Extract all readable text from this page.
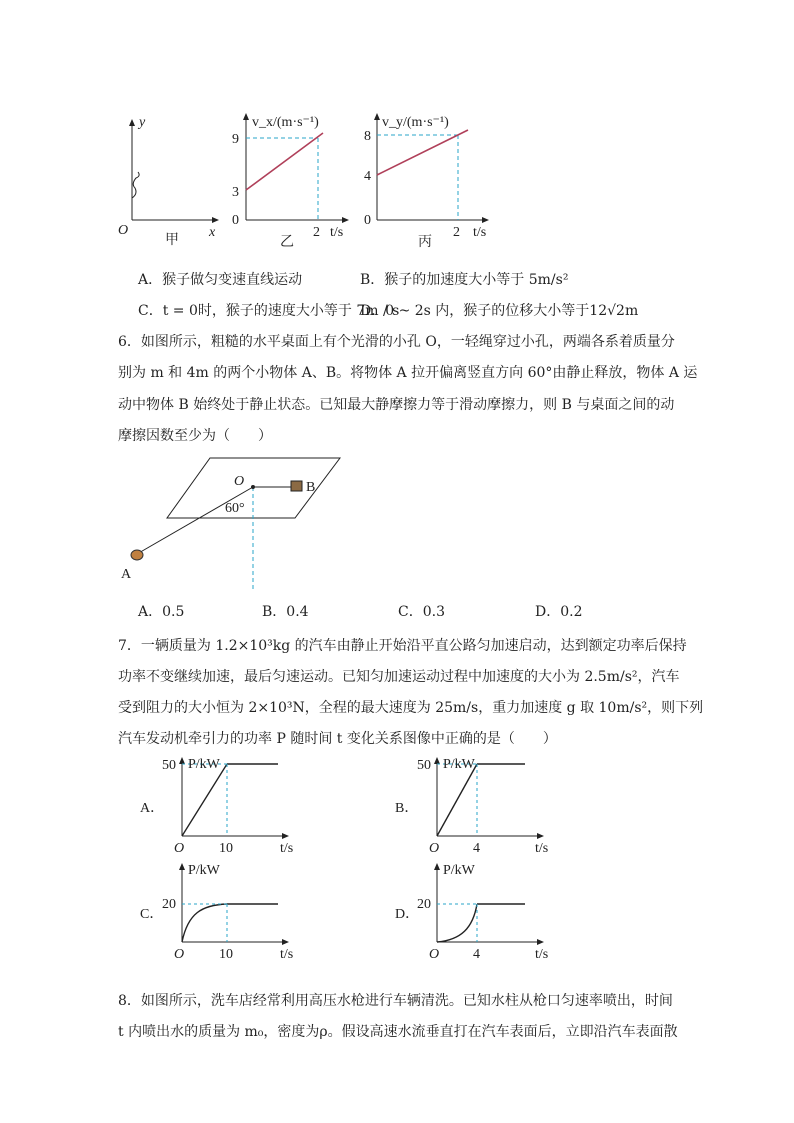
y
x
O
甲
v_x/(m·s⁻¹)
9
3
0
2 t/s
乙
v_y/(m·s⁻¹)
8
4
0
2 t/s
丙
A．猴子做匀变速直线运动	B．猴子的加速度大小等于 5m/s²
C．t = 0时，猴子的速度大小等于 7m / s
D．0 ~ 2s 内，猴子的位移大小等于12√2m
6．如图所示，粗糙的水平桌面上有个光滑的小孔 O，一轻绳穿过小孔，两端各系着质量分
别为 m 和 4m 的两个小物体 A、B。将物体 A 拉开偏离竖直方向 60°由静止释放，物体 A 运
动中物体 B 始终处于静止状态。已知最大静摩擦力等于滑动摩擦力，则 B 与桌面之间的动
摩擦因数至少为（　　）
O	B
A
60°
A．0.5	B．0.4	C．0.3	D．0.2
7．一辆质量为 1.2×10³kg 的汽车由静止开始沿平直公路匀加速启动，达到额定功率后保持
功率不变继续加速，最后匀速运动。已知匀加速运动过程中加速度的大小为 2.5m/s²，汽车
受到阻力的大小恒为 2×10³N，全程的最大速度为 25m/s，重力加速度 g 取 10m/s²，则下列
汽车发动机牵引力的功率 P 随时间 t 变化关系图像中正确的是（　　）
A．
P/kW
50
O 10	t/s
B．
P/kW
50
O 4	t/s
C．
P/kW
20
O 10	t/s
D．
P/kW
20
O 4	t/s
8．如图所示，洗车店经常利用高压水枪进行车辆清洗。已知水柱从枪口匀速率喷出，时间
t 内喷出水的质量为 m₀，密度为ρ。假设高速水流垂直打在汽车表面后，立即沿汽车表面散
